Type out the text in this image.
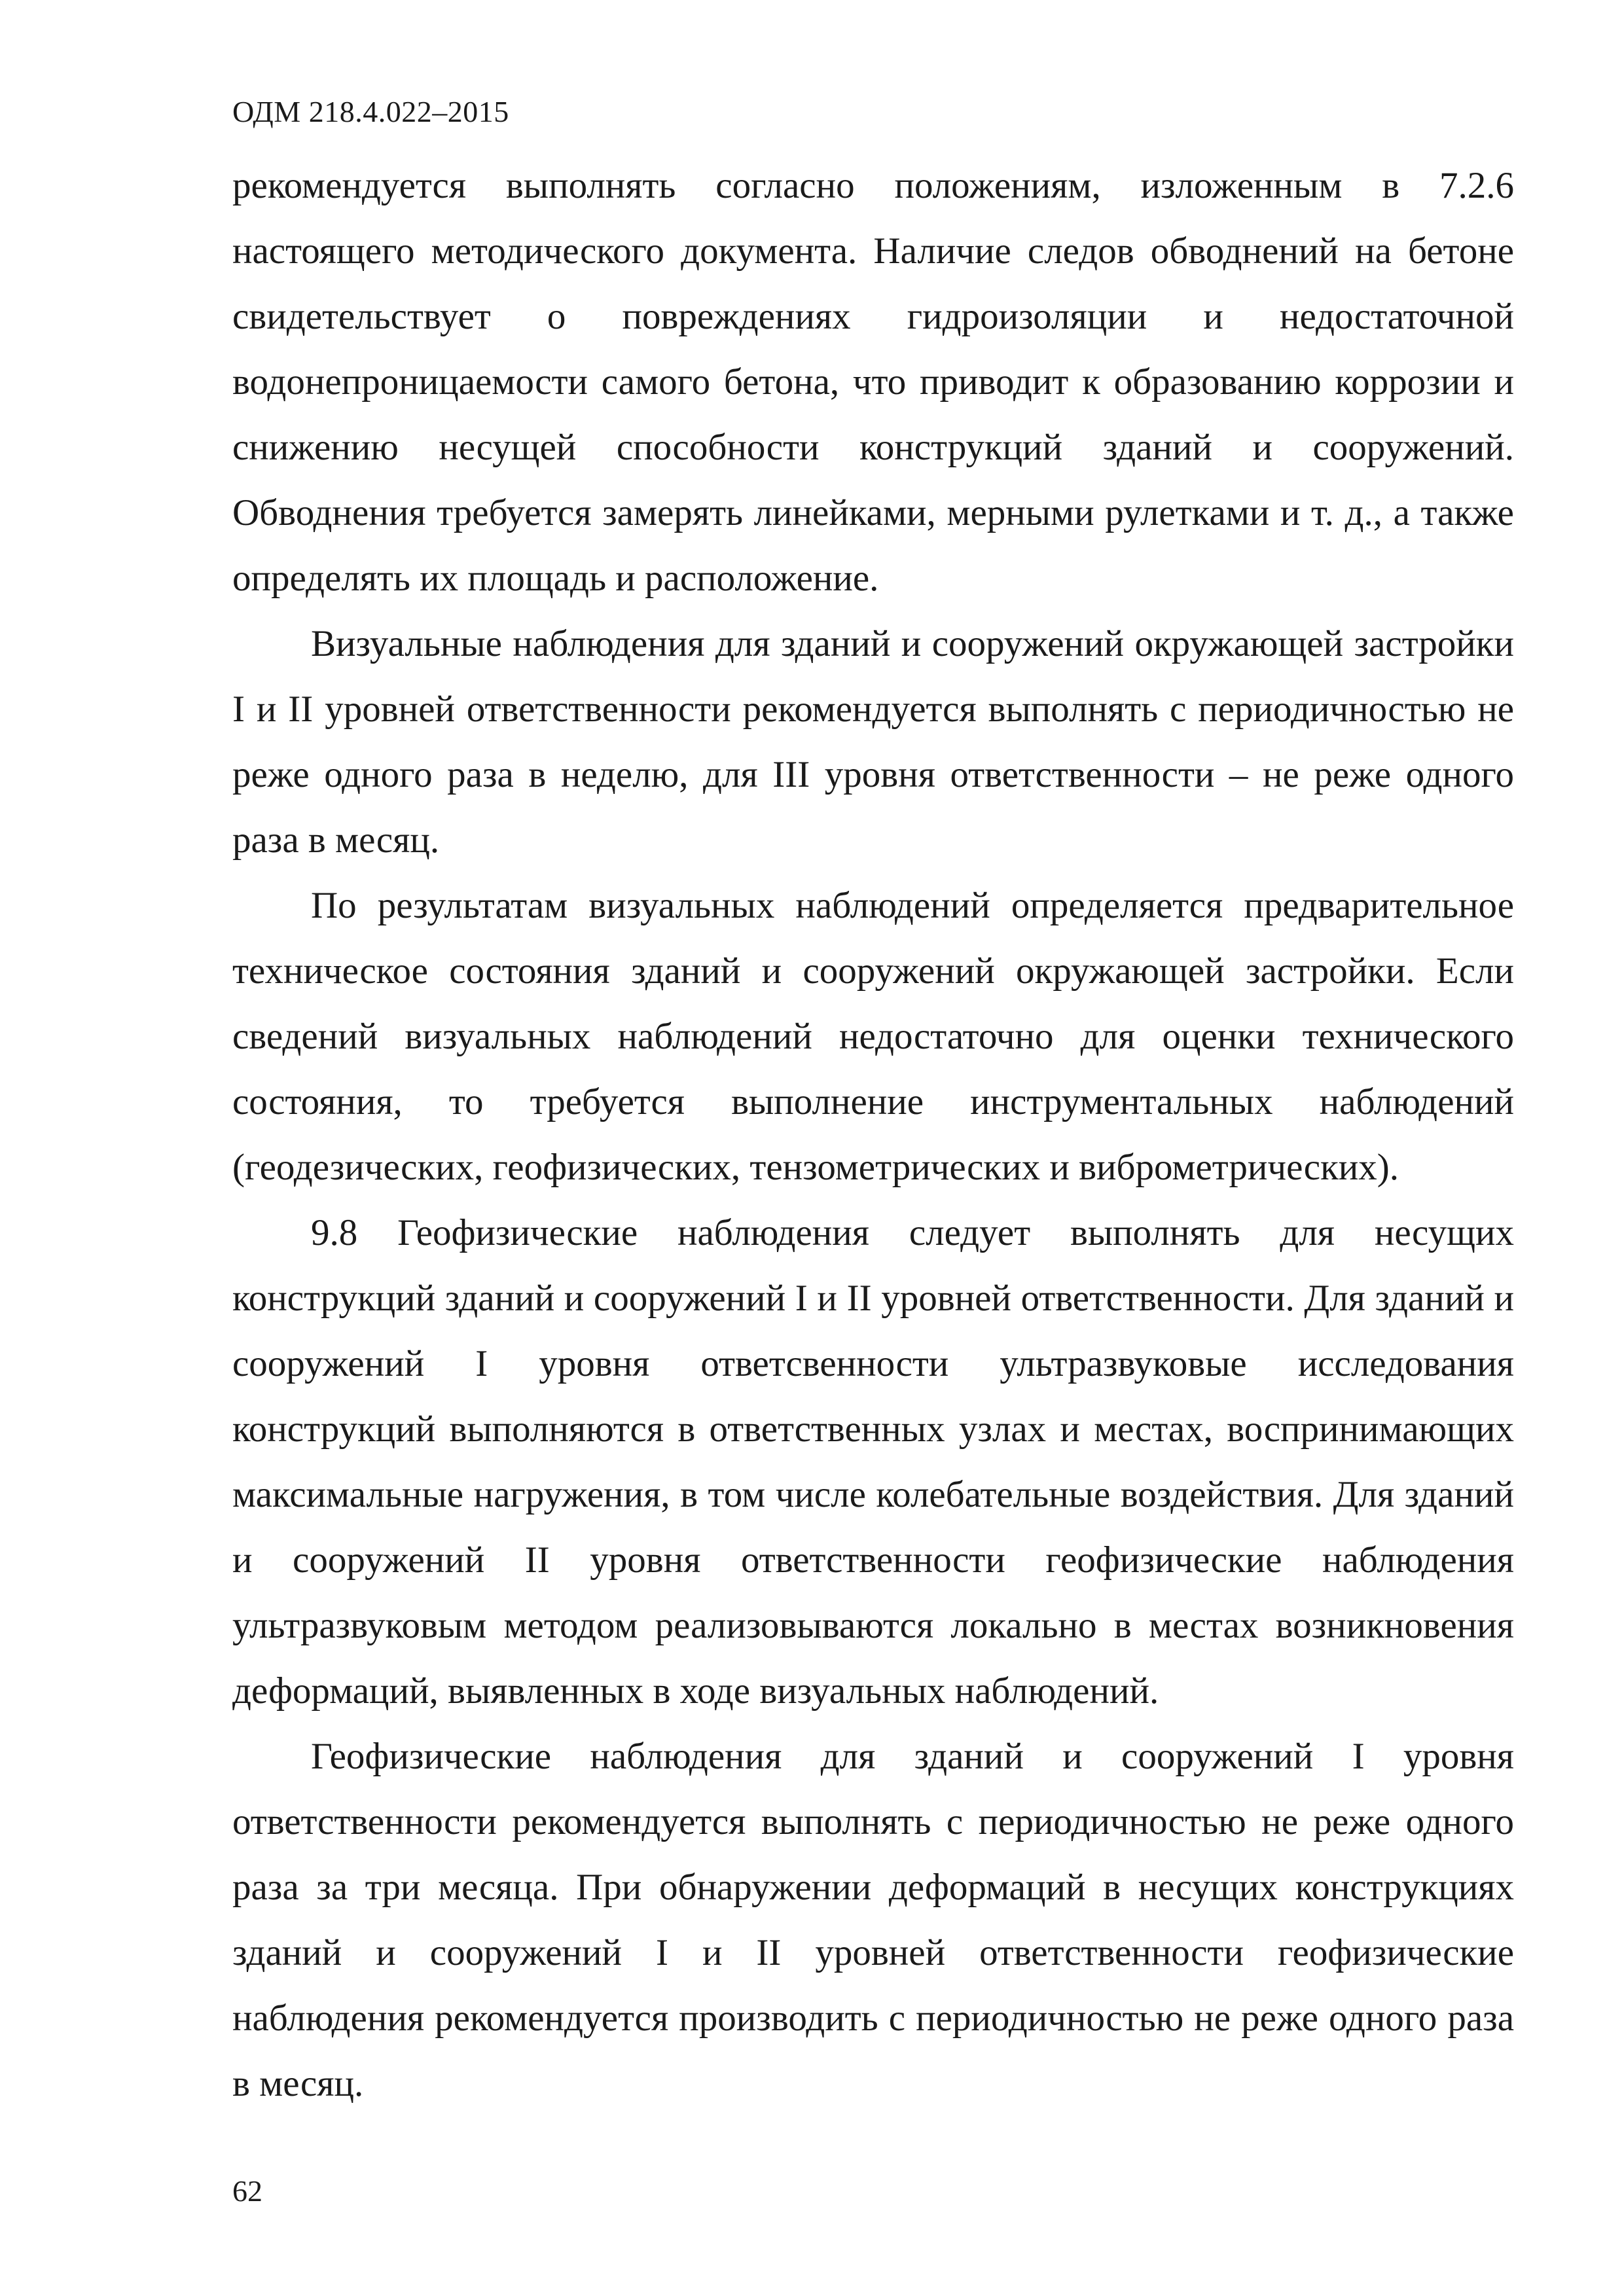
ОДМ 218.4.022–2015

рекомендуется выполнять согласно положениям, изложенным в 7.2.6 настоящего методического документа. Наличие следов обводнений на бетоне свидетельствует о повреждениях гидроизоляции и недостаточной водонепроницаемости самого бетона, что приводит к образованию коррозии и снижению несущей способности конструкций зданий и сооружений. Обводнения требуется замерять линейками, мерными рулетками и т. д., а также определять их площадь и расположение.

Визуальные наблюдения для зданий и сооружений окружающей застройки I и II уровней ответственности рекомендуется выполнять с периодичностью не реже одного раза в неделю, для III уровня ответственности – не реже одного раза в месяц.

По результатам визуальных наблюдений определяется предварительное техническое состояния зданий и сооружений окружающей застройки. Если сведений визуальных наблюдений недостаточно для оценки технического состояния, то требуется выполнение инструментальных наблюдений (геодезических, геофизических, тензометрических и виброметрических).

9.8 Геофизические наблюдения следует выполнять для несущих конструкций зданий и сооружений I и II уровней ответственности. Для зданий и сооружений I уровня ответсвенности ультразвуковые исследования конструкций выполняются в ответственных узлах и местах, воспринимающих максимальные нагружения, в том числе колебательные воздействия. Для зданий и сооружений II уровня ответственности геофизические наблюдения ультразвуковым методом реализовываются локально в местах возникновения деформаций, выявленных в ходе визуальных наблюдений.

Геофизические наблюдения для зданий и сооружений I уровня ответственности рекомендуется выполнять с периодичностью не реже одного раза за три месяца. При обнаружении деформаций в несущих конструкциях зданий и сооружений I и II уровней ответственности геофизические наблюдения рекомендуется производить с периодичностью не реже одного раза в месяц.

62
